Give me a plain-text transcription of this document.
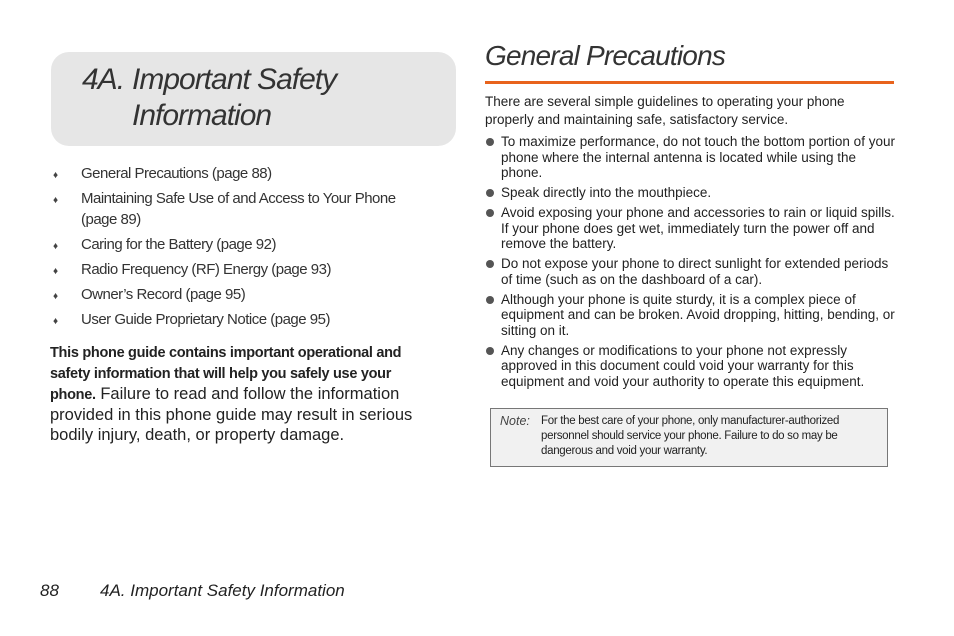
4A. Important Safety
Information
♦ General Precautions (page 88)
♦ Maintaining Safe Use of and Access to Your Phone (page 89)
♦ Caring for the Battery (page 92)
♦ Radio Frequency (RF) Energy (page 93)
♦ Owner’s Record (page 95)
♦ User Guide Proprietary Notice (page 95)

This phone guide contains important operational and safety information that will help you safely use your phone. Failure to read and follow the information provided in this phone guide may result in serious bodily injury, death, or property damage.

General Precautions

There are several simple guidelines to operating your phone properly and maintaining safe, satisfactory service.

To maximize performance, do not touch the bottom portion of your phone where the internal antenna is located while using the phone.
Speak directly into the mouthpiece.
Avoid exposing your phone and accessories to rain or liquid spills. If your phone does get wet, immediately turn the power off and remove the battery.
Do not expose your phone to direct sunlight for extended periods of time (such as on the dashboard of a car).
Although your phone is quite sturdy, it is a complex piece of equipment and can be broken. Avoid dropping, hitting, bending, or sitting on it.
Any changes or modifications to your phone not expressly approved in this document could void your warranty for this equipment and void your authority to operate this equipment.
Note: For the best care of your phone, only manufacturer-authorized personnel should service your phone. Failure to do so may be dangerous and void your warranty.
88 4A. Important Safety Information
